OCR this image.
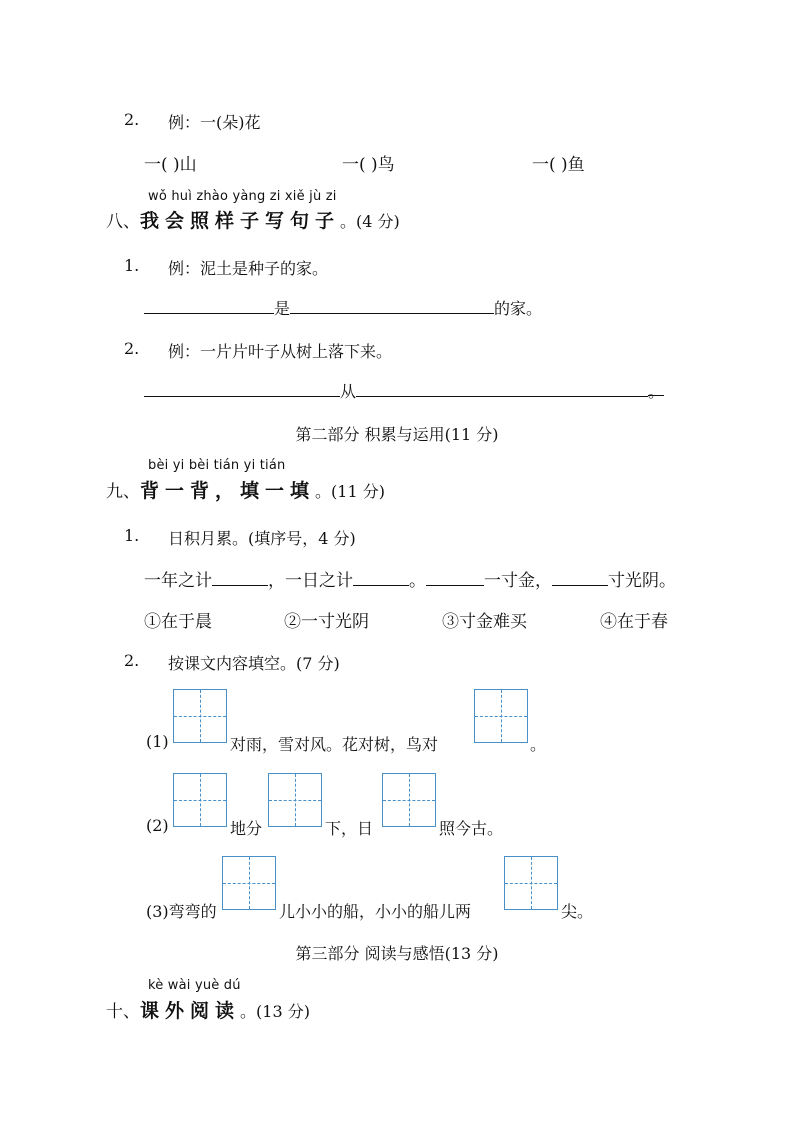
2. 例：一(朵)花
一( )山	一( )鸟	一( )鱼
wǒ huì zhào yàng zi xiě jù zi
八、我会照样子写句子。(4 分)
1. 例：泥土是种子的家。
是	的家。
2. 例：一片片叶子从树上落下来。
从	。
第二部分 积累与运用(11 分)
bèi yi bèi tián yi tián
九、背一背，填一填。(11 分)
1. 日积月累。(填序号，4 分)
一年之计	，一日之计	。	一寸金，	寸光阴。
①在于晨	②一寸光阴	③寸金难买	④在于春
2. 按课文内容填空。(7 分)
(1)	对雨，雪对风。花对树，鸟对	。
(2)	地分	下，日	照今古。
(3)弯弯的	儿小小的船，小小的船儿两	尖。
第三部分 阅读与感悟(13 分)
kè wài yuè dú
十、课外阅读。(13 分)
